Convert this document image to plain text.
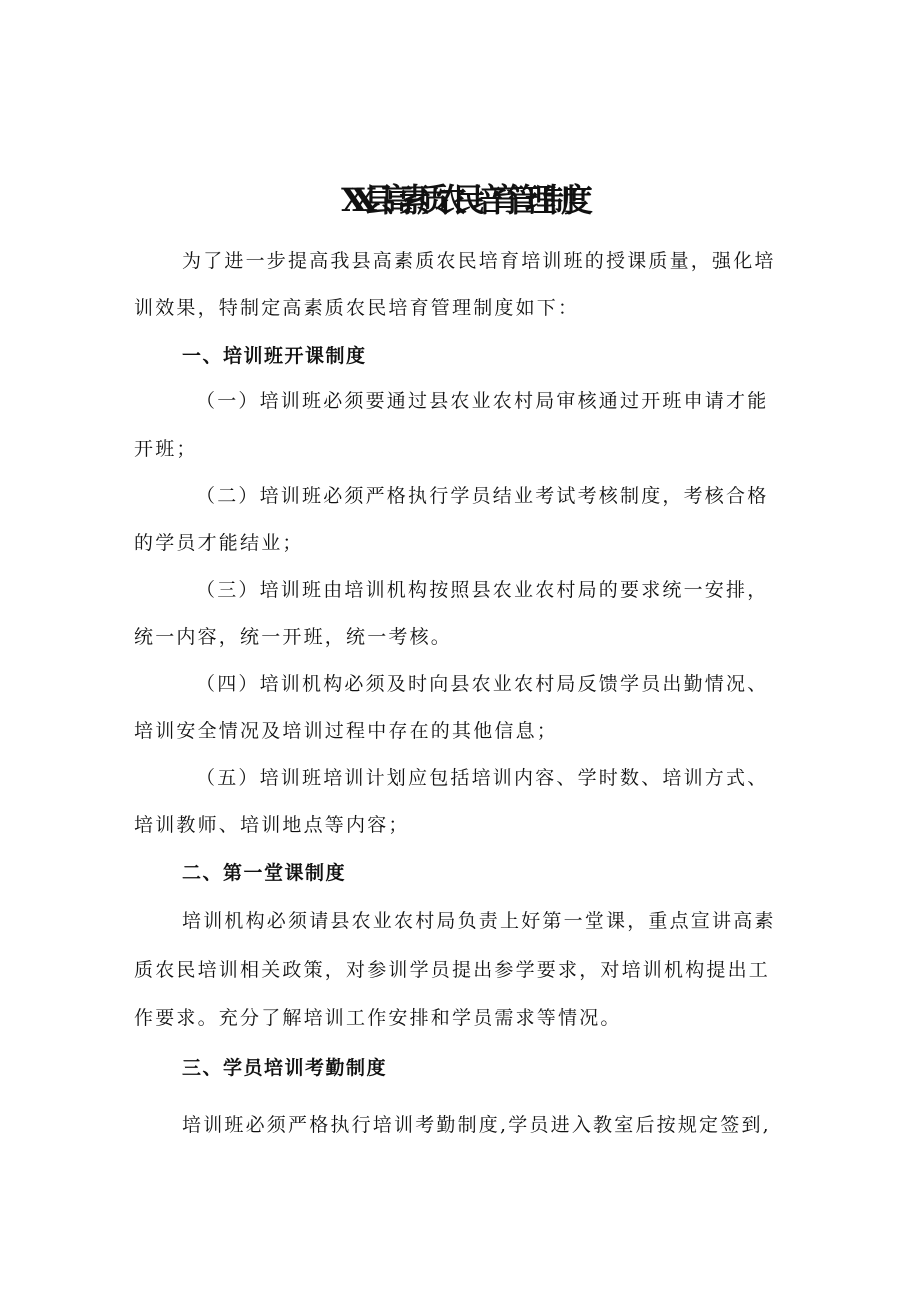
XX县高素质农民培育管理制度
为了进一步提高我县高素质农民培育培训班的授课质量，强化培
训效果，特制定高素质农民培育管理制度如下：
一、培训班开课制度
（一）培训班必须要通过县农业农村局审核通过开班申请才能
开班；
（二）培训班必须严格执行学员结业考试考核制度，考核合格
的学员才能结业；
（三）培训班由培训机构按照县农业农村局的要求统一安排，
统一内容，统一开班，统一考核。
（四）培训机构必须及时向县农业农村局反馈学员出勤情况、
培训安全情况及培训过程中存在的其他信息；
（五）培训班培训计划应包括培训内容、学时数、培训方式、
培训教师、培训地点等内容；
二、第一堂课制度
培训机构必须请县农业农村局负责上好第一堂课，重点宣讲高素
质农民培训相关政策，对参训学员提出参学要求，对培训机构提出工
作要求。充分了解培训工作安排和学员需求等情况。
三、学员培训考勤制度
培训班必须严格执行培训考勤制度,学员进入教室后按规定签到,
